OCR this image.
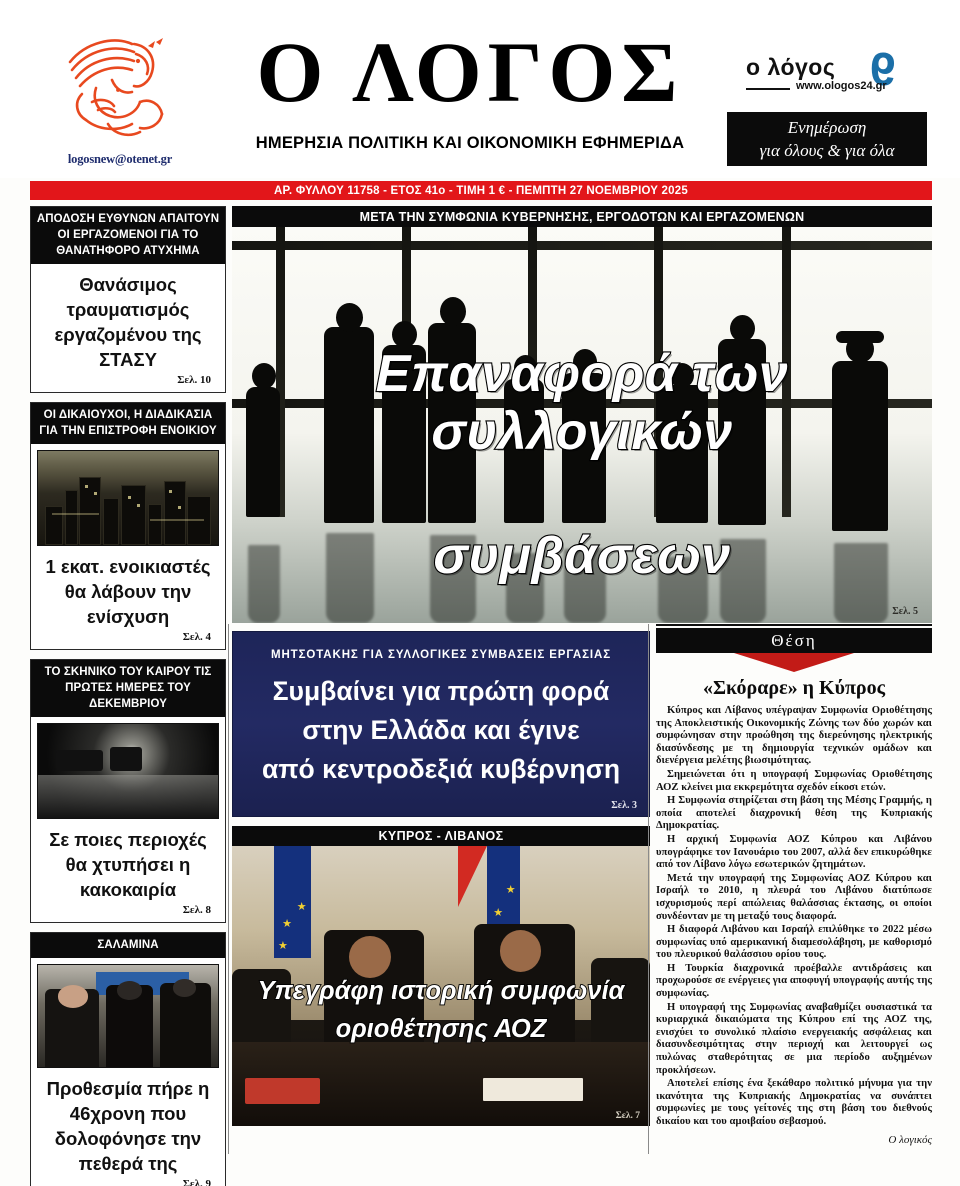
logosnew@otenet.gr
Ο ΛΟΓΟΣ
ΗΜΕΡΗΣΙΑ ΠΟΛΙΤΙΚΗ ΚΑΙ ΟΙΚΟΝΟΜΙΚΗ ΕΦΗΜΕΡΙΔΑ
ο λόγος 9
www.ologos24.gr
Ενημέρωση
για όλους & για όλα
ΑΡ. ΦΥΛΛΟΥ 11758 - ΕΤΟΣ 41ο - ΤΙΜΗ 1 € - ΠΕΜΠΤΗ 27 ΝΟΕΜΒΡΙΟΥ 2025
ΑΠΟΔΟΣΗ ΕΥΘΥΝΩΝ ΑΠΑΙΤΟΥΝ ΟΙ ΕΡΓΑΖΟΜΕΝΟΙ ΓΙΑ ΤΟ ΘΑΝΑΤΗΦΟΡΟ ΑΤΥΧΗΜΑ
Θανάσιμος τραυματισμός εργαζομένου της ΣΤΑΣΥ
Σελ. 10
ΟΙ ΔΙΚΑΙΟΥΧΟΙ, Η ΔΙΑΔΙΚΑΣΙΑ ΓΙΑ ΤΗΝ ΕΠΙΣΤΡΟΦΗ ΕΝΟΙΚΙΟΥ
1 εκατ. ενοικιαστές θα λάβουν την ενίσχυση
Σελ. 4
ΤΟ ΣΚΗΝΙΚΟ ΤΟΥ ΚΑΙΡΟΥ ΤΙΣ ΠΡΩΤΕΣ ΗΜΕΡΕΣ ΤΟΥ ΔΕΚΕΜΒΡΙΟΥ
Σε ποιες περιοχές θα χτυπήσει η κακοκαιρία
Σελ. 8
ΣΑΛΑΜΙΝΑ
Προθεσμία πήρε η 46χρονη που δολοφόνησε την πεθερά της
Σελ. 9
ΜΕΤΑ ΤΗΝ ΣΥΜΦΩΝΙΑ ΚΥΒΕΡΝΗΣΗΣ, ΕΡΓΟΔΟΤΩΝ ΚΑΙ ΕΡΓΑΖΟΜΕΝΩΝ
Επαναφορά των συλλογικών
συμβάσεων
Σελ. 5
ΜΗΤΣΟΤΑΚΗΣ ΓΙΑ ΣΥΛΛΟΓΙΚΕΣ ΣΥΜΒΑΣΕΙΣ ΕΡΓΑΣΙΑΣ
Συμβαίνει για πρώτη φορά
στην Ελλάδα και έγινε
από κεντροδεξιά κυβέρνηση
Σελ. 3
ΚΥΠΡΟΣ - ΛΙΒΑΝΟΣ
★
★
★
★
★
Υπεγράφη ιστορική συμφωνία
οριοθέτησης ΑΟΖ
Σελ. 7
Θέση
«Σκόραρε» η Κύπρος

Κύπρος και Λίβανος υπέγραψαν Συμφωνία Οριοθέτησης της Αποκλειστικής Οικονομικής Ζώνης των δύο χωρών και συμφώνησαν στην προώθηση της διερεύνησης ηλεκτρικής διασύνδεσης με τη δημιουργία τεχνικών ομάδων και διενέργεια μελέτης βιωσιμότητας.

Σημειώνεται ότι η υπογραφή Συμφωνίας Οριοθέτησης ΑΟΖ κλείνει μια εκκρεμότητα σχεδόν είκοσι ετών.

Η Συμφωνία στηρίζεται στη βάση της Μέσης Γραμμής, η οποία αποτελεί διαχρονική θέση της Κυπριακής Δημοκρατίας.

Η αρχική Συμφωνία ΑΟΖ Κύπρου και Λιβάνου υπογράφηκε τον Ιανουάριο του 2007, αλλά δεν επικυρώθηκε από τον Λίβανο λόγω εσωτερικών ζητημάτων.

Μετά την υπογραφή της Συμφωνίας ΑΟΖ Κύπρου και Ισραήλ το 2010, η πλευρά του Λιβάνου διατύπωσε ισχυρισμούς περί απώλειας θαλάσσιας έκτασης, οι οποίοι συνδέονταν με τη μεταξύ τους διαφορά.

Η διαφορά Λιβάνου και Ισραήλ επιλύθηκε το 2022 μέσω συμφωνίας υπό αμερικανική διαμεσολάβηση, με καθορισμό του πλευρικού θαλάσσιου ορίου τους.

Η Τουρκία διαχρονικά προέβαλλε αντιδράσεις και προχωρούσε σε ενέργειες για αποφυγή υπογραφής αυτής της συμφωνίας.

Η υπογραφή της Συμφωνίας αναβαθμίζει ουσιαστικά τα κυριαρχικά δικαιώματα της Κύπρου επί της ΑΟΖ της, ενισχύει το συνολικό πλαίσιο ενεργειακής ασφάλειας και διασυνδεσιμότητας στην περιοχή και λειτουργεί ως πυλώνας σταθερότητας σε μια περίοδο αυξημένων προκλήσεων.

Αποτελεί επίσης ένα ξεκάθαρο πολιτικό μήνυμα για την ικανότητα της Κυπριακής Δημοκρατίας να συνάπτει συμφωνίες με τους γείτονές της στη βάση του διεθνούς δικαίου και του αμοιβαίου σεβασμού.

Ο λογικός
